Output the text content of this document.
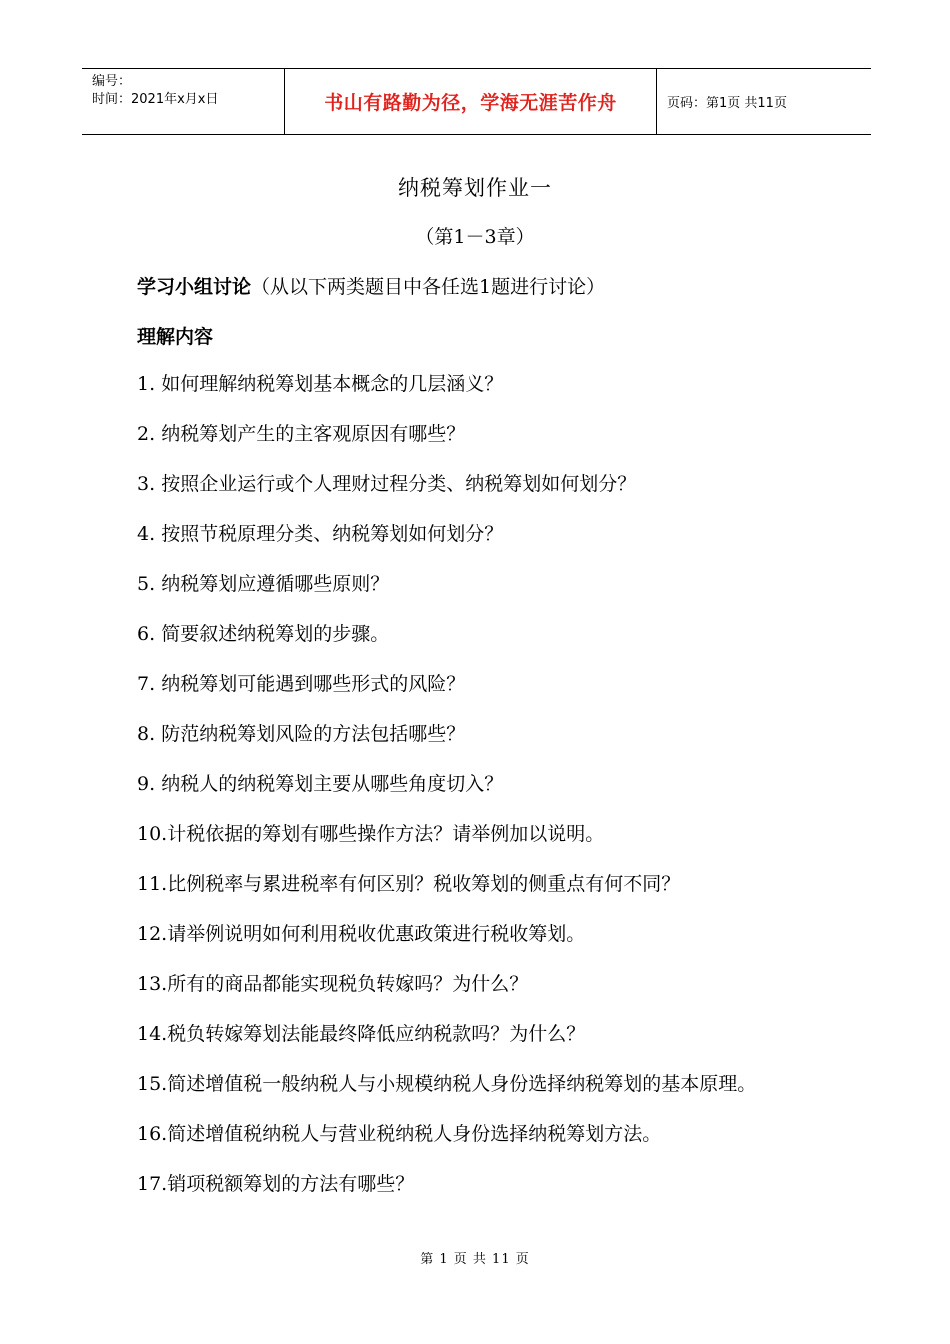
编号：
时间：2021年x月x日	书山有路勤为径，学海无涯苦作舟	页码：第1页 共11页
纳税筹划作业一
（第1－3章）
学习小组讨论（从以下两类题目中各任选1题进行讨论）
理解内容
1. 如何理解纳税筹划基本概念的几层涵义？
2. 纳税筹划产生的主客观原因有哪些？
3. 按照企业运行或个人理财过程分类、纳税筹划如何划分？
4. 按照节税原理分类、纳税筹划如何划分？
5. 纳税筹划应遵循哪些原则？
6. 简要叙述纳税筹划的步骤。
7. 纳税筹划可能遇到哪些形式的风险？
8. 防范纳税筹划风险的方法包括哪些？
9. 纳税人的纳税筹划主要从哪些角度切入？
10.计税依据的筹划有哪些操作方法？请举例加以说明。
11.比例税率与累进税率有何区别？税收筹划的侧重点有何不同？
12.请举例说明如何利用税收优惠政策进行税收筹划。
13.所有的商品都能实现税负转嫁吗？为什么？
14.税负转嫁筹划法能最终降低应纳税款吗？为什么？
15.简述增值税一般纳税人与小规模纳税人身份选择纳税筹划的基本原理。
16.简述增值税纳税人与营业税纳税人身份选择纳税筹划方法。
17.销项税额筹划的方法有哪些？
第 1 页 共 11 页
